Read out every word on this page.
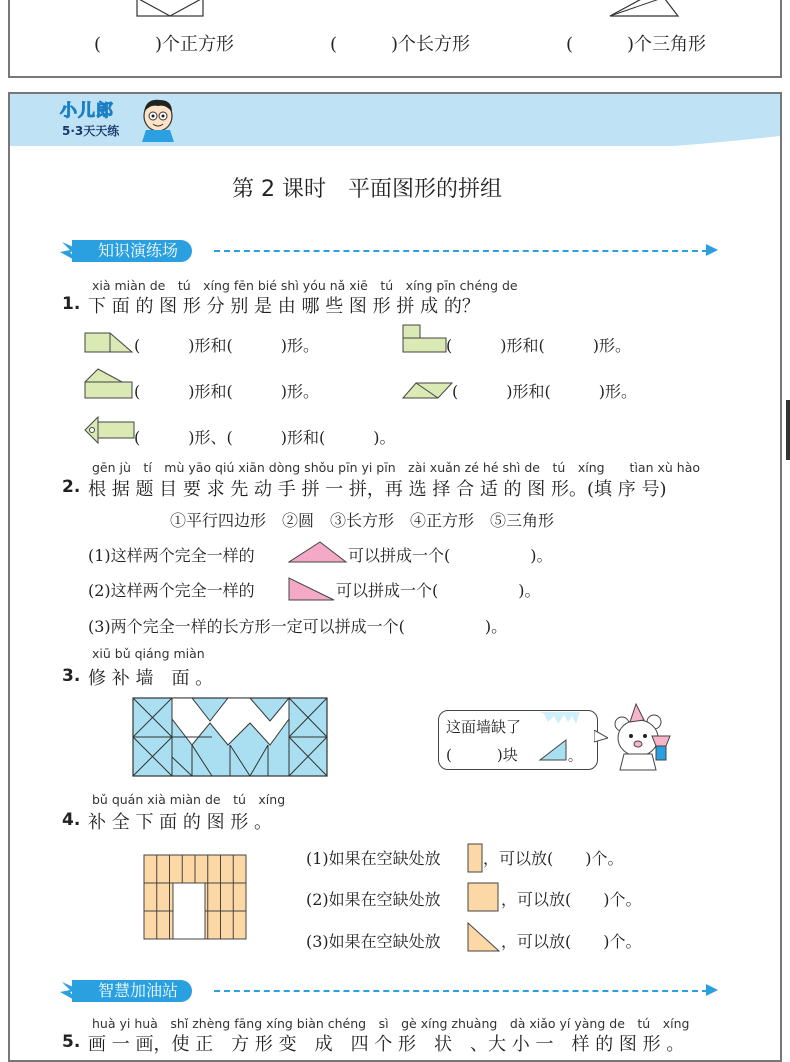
(　　　)个正方形	(　　　)个长方形	(　　　)个三角形
小儿郎
5·3天天练
第 2 课时　平面图形的拼组
知识演练场
xià miàn de　tú　xíng fēn bié shì yóu nǎ xiē　tú　xíng pīn chéng de
1. 下 面 的 图 形 分 别 是 由 哪 些 图 形 拼 成 的？
(　　　)形和(　　　)形。	(　　　)形和(　　　)形。
(　　　)形和(　　　)形。	(　　　)形和(　　　)形。
(　　　)形、(　　　)形和(　　　)。
gēn jù　tí　mù yāo qiú xiān dòng shǒu pīn yi pīn　zài xuǎn zé hé shì de　tú　xíng　　tìan xù hào
2. 根 据 题 目 要 求 先 动 手 拼 一 拼，再 选 择 合 适 的 图 形。(填 序 号)
①平行四边形　②圆　③长方形　④正方形　⑤三角形
(1)这样两个完全一样的	可以拼成一个(　　　　　)。
(2)这样两个完全一样的	可以拼成一个(　　　　　)。
(3)两个完全一样的长方形一定可以拼成一个(　　　　　)。
xiū bǔ qiáng miàn
3. 修 补 墙　面 。
这面墙缺了
(　　　)块	。
bǔ quán xià miàn de　tú　xíng
4. 补 全 下 面 的 图 形 。
(1)如果在空缺处放	，可以放(　　)个。
(2)如果在空缺处放	，可以放(　　)个。
(3)如果在空缺处放	，可以放(　　)个。
智慧加油站
huà yi huà　shǐ zhèng fāng xíng biàn chéng　sì　gè xíng zhuàng　dà xiǎo yí yàng de　tú　xíng
5. 画 一 画，使 正　方 形 变　成　四 个 形　状　、大 小 一　样 的 图 形 。
